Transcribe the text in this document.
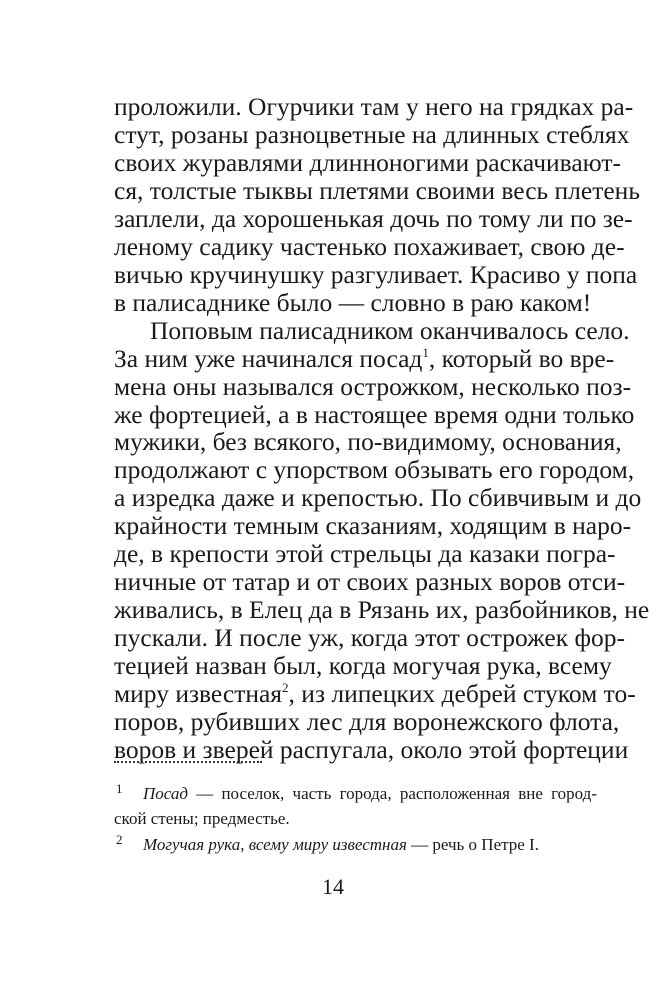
проложили. Огурчики там у него на грядках ра-
стут, розаны разноцветные на длинных стеблях
своих журавлями длинноногими раскачивают-
ся, толстые тыквы плетями своими весь плетень
заплели, да хорошенькая дочь по тому ли по зе-
леному садику частенько похаживает, свою де-
вичью кручинушку разгуливает. Красиво у попа
в палисаднике было — словно в раю каком!
Поповым палисадником оканчивалось село.
За ним уже начинался посад$^1$, который во вре-
мена оны назывался острожком, несколько поз-
же фортецией, а в настоящее время одни только
мужики, без всякого, по-видимому, основания,
продолжают с упорством обзывать его городом,
а изредка даже и крепостью. По сбивчивым и до
крайности темным сказаниям, ходящим в наро-
де, в крепости этой стрельцы да казаки погра-
ничные от татар и от своих разных воров отси-
живались, в Елец да в Рязань их, разбойников, не
пускали. И после уж, когда этот острожек фор-
тецией назван был, когда могучая рука, всему
миру известная$^2$, из липецких дебрей стуком то-
поров, рубивших лес для воронежского флота,
воров и зверей распугала, около этой фортеции
1 Посад — поселок, часть города, расположенная вне город-
ской стены; предместье.
2 Могучая рука, всему миру известная — речь о Петре I.
14
